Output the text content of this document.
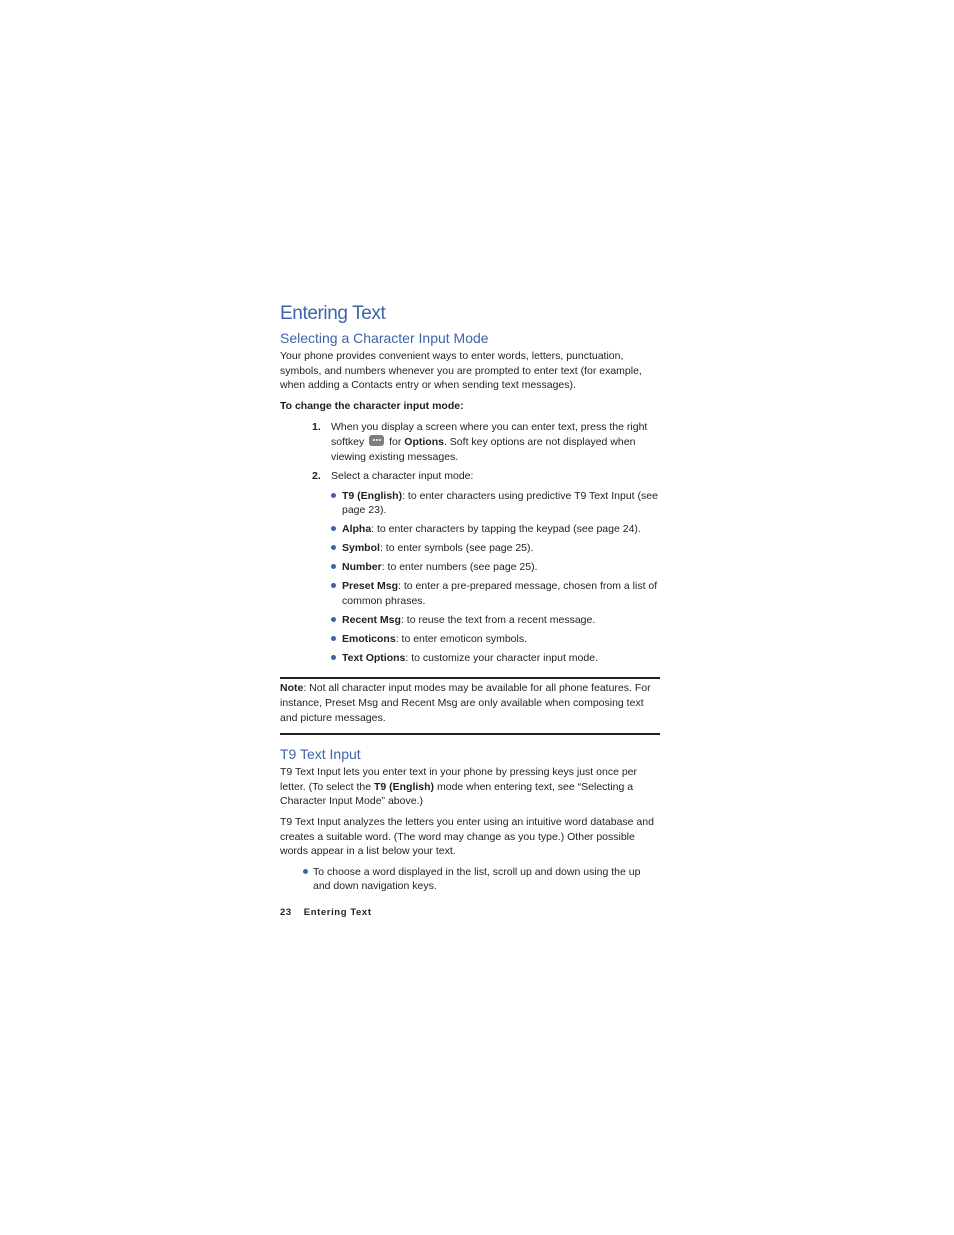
Entering Text
Selecting a Character Input Mode

Your phone provides convenient ways to enter words, letters, punctuation, symbols, and numbers whenever you are prompted to enter text (for example, when adding a Contacts entry or when sending text messages).

To change the character input mode:

1. When you display a screen where you can enter text, press the right softkey for Options. Soft key options are not displayed when viewing existing messages.
2. Select a character input mode:
T9 (English): to enter characters using predictive T9 Text Input (see page 23).
Alpha: to enter characters by tapping the keypad (see page 24).
Symbol: to enter symbols (see page 25).
Number: to enter numbers (see page 25).
Preset Msg: to enter a pre-prepared message, chosen from a list of common phrases.
Recent Msg: to reuse the text from a recent message.
Emoticons: to enter emoticon symbols.
Text Options: to customize your character input mode.
Note: Not all character input modes may be available for all phone features. For instance, Preset Msg and Recent Msg are only available when composing text and picture messages.
T9 Text Input

T9 Text Input lets you enter text in your phone by pressing keys just once per letter. (To select the T9 (English) mode when entering text, see “Selecting a Character Input Mode” above.)

T9 Text Input analyzes the letters you enter using an intuitive word database and creates a suitable word. (The word may change as you type.) Other possible words appear in a list below your text.

To choose a word displayed in the list, scroll up and down using the up and down navigation keys.
23 Entering Text
